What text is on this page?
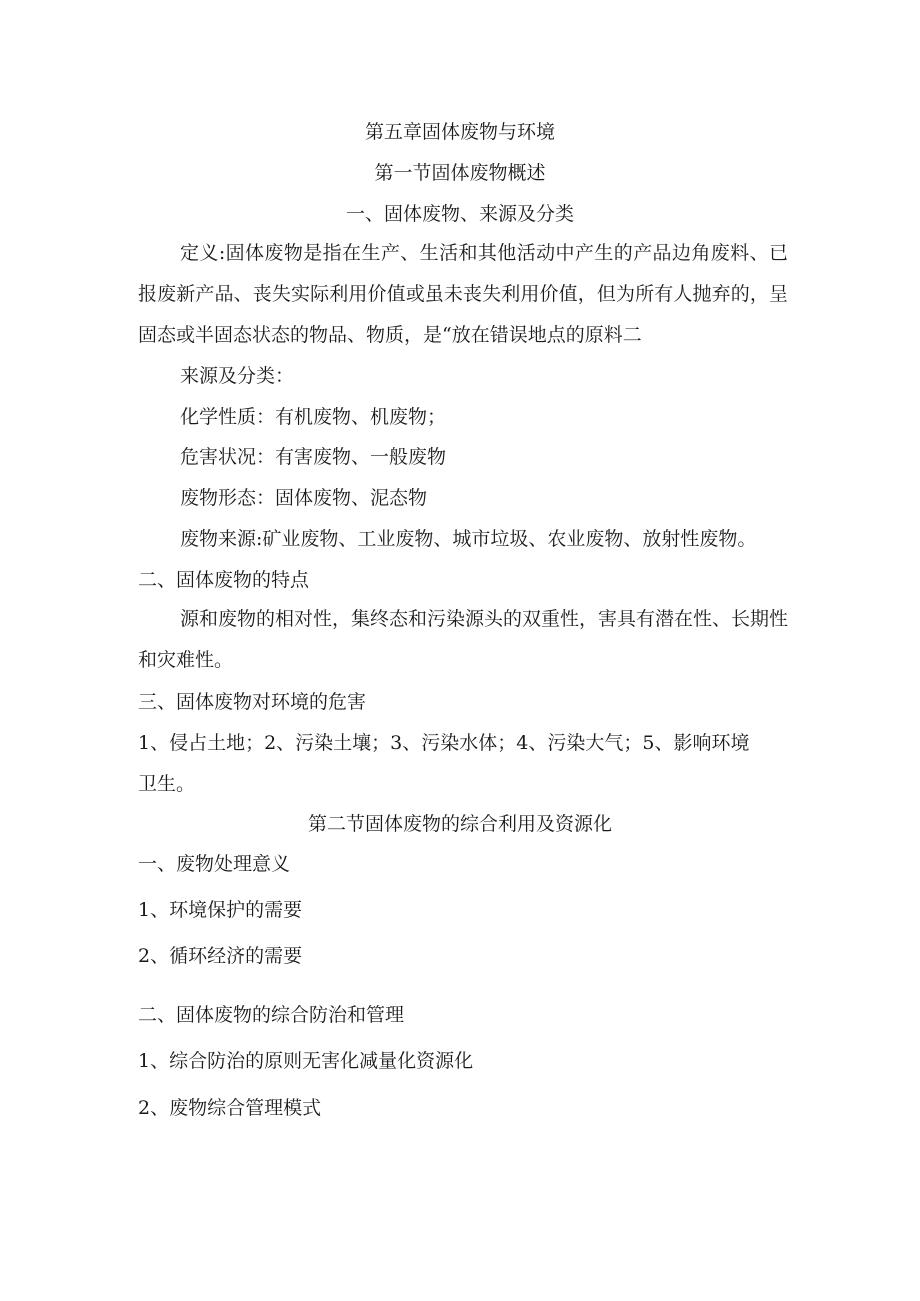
第五章固体废物与环境
第一节固体废物概述
一、固体废物、来源及分类
定义:固体废物是指在生产、生活和其他活动中产生的产品边角废料、已报废新产品、丧失实际利用价值或虽未丧失利用价值，但为所有人抛弃的，呈固态或半固态状态的物品、物质，是“放在错误地点的原料二
来源及分类：
化学性质：有机废物、机废物；
危害状况：有害废物、一般废物
废物形态：固体废物、泥态物
废物来源:矿业废物、工业废物、城市垃圾、农业废物、放射性废物。
二、固体废物的特点
源和废物的相对性，集终态和污染源头的双重性，害具有潜在性、长期性和灾难性。
三、固体废物对环境的危害
1、侵占土地；2、污染土壤；3、污染水体；4、污染大气；5、影响环境
卫生。
第二节固体废物的综合利用及资源化
一、废物处理意义
1、环境保护的需要
2、循环经济的需要
二、固体废物的综合防治和管理
1、综合防治的原则无害化减量化资源化
2、废物综合管理模式
